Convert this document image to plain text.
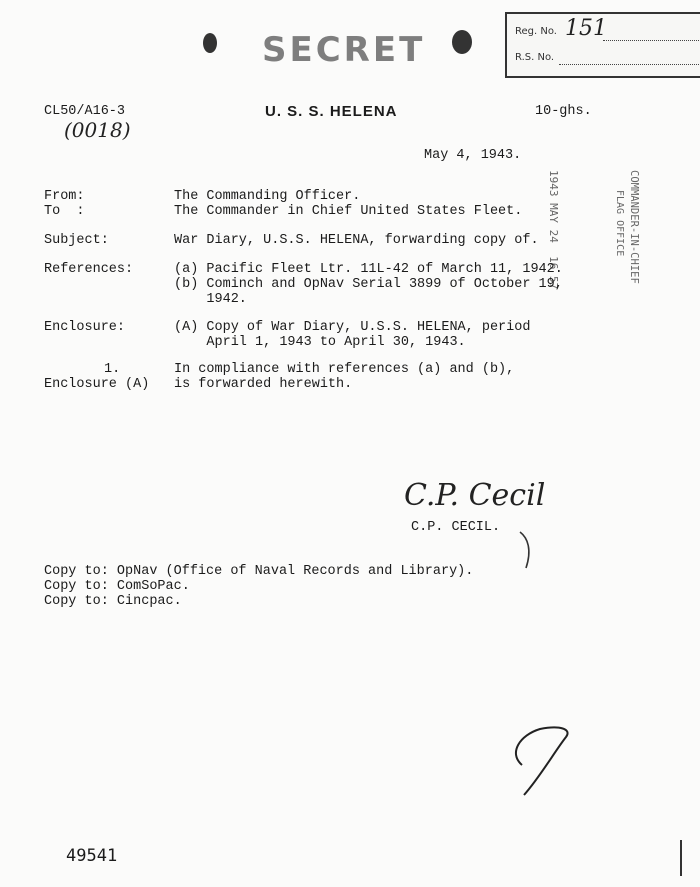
SECRET	Reg. No. 151
R.S. No.
CL50/A16-3
(0018)
U. S. S. HELENA	10-ghs.
May 4, 1943.
1943 MAY 24  16 57	COMMANDER-IN-CHIEF
FLAG OFFICE
From:	The Commanding Officer.
To  :	The Commander in Chief United States Fleet.
Subject:	War Diary, U.S.S. HELENA, forwarding copy of.
References:	(a) Pacific Fleet Ltr. 11L-42 of March 11, 1942.
(b) Cominch and OpNav Serial 3899 of October 19,
1942.
Enclosure:	(A) Copy of War Diary, U.S.S. HELENA, period
April 1, 1943 to April 30, 1943.
1.	In compliance with references (a) and (b),
Enclosure (A) is forwarded herewith.
C.P. Cecil
C.P. CECIL.
Copy to: OpNav (Office of Naval Records and Library).
Copy to: ComSoPac.
Copy to: Cincpac.
49541
